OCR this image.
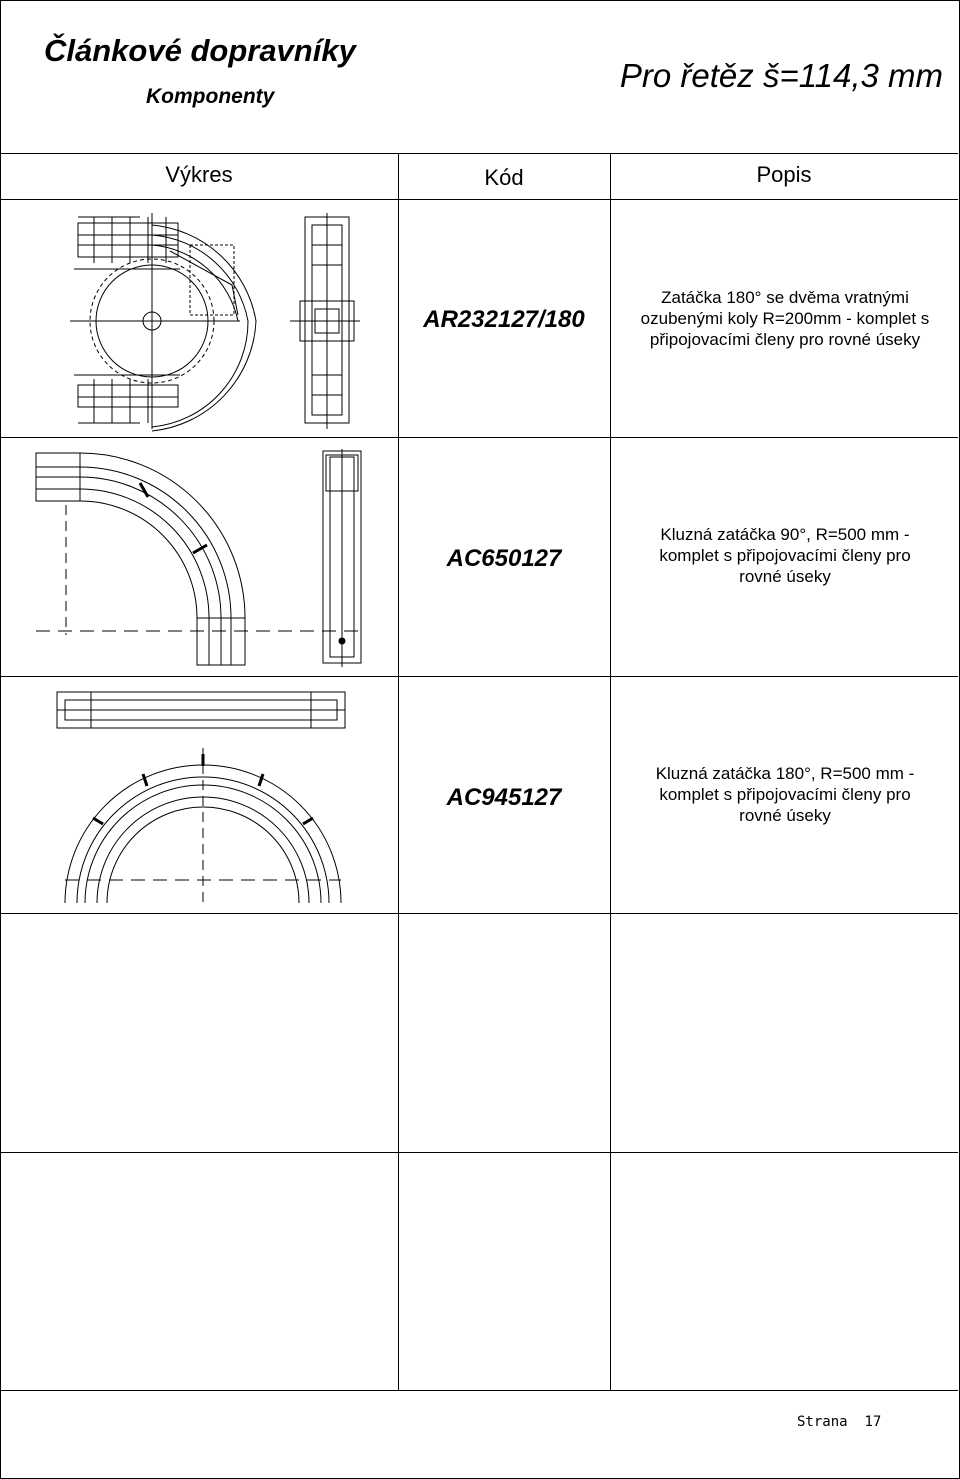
Článkové dopravníky
Komponenty
Pro řetěz š=114,3 mm
Výkres	Kód	Popis
AR232127/180
AC650127
AC945127
Zatáčka 180° se dvěma vratnými
ozubenými koly R=200mm - komplet s
připojovacími členy pro rovné úseky
Kluzná zatáčka 90°, R=500 mm -
komplet s připojovacími členy pro
rovné úseky
Kluzná zatáčka 180°, R=500 mm -
komplet s připojovacími členy pro
rovné úseky
Strana 17
